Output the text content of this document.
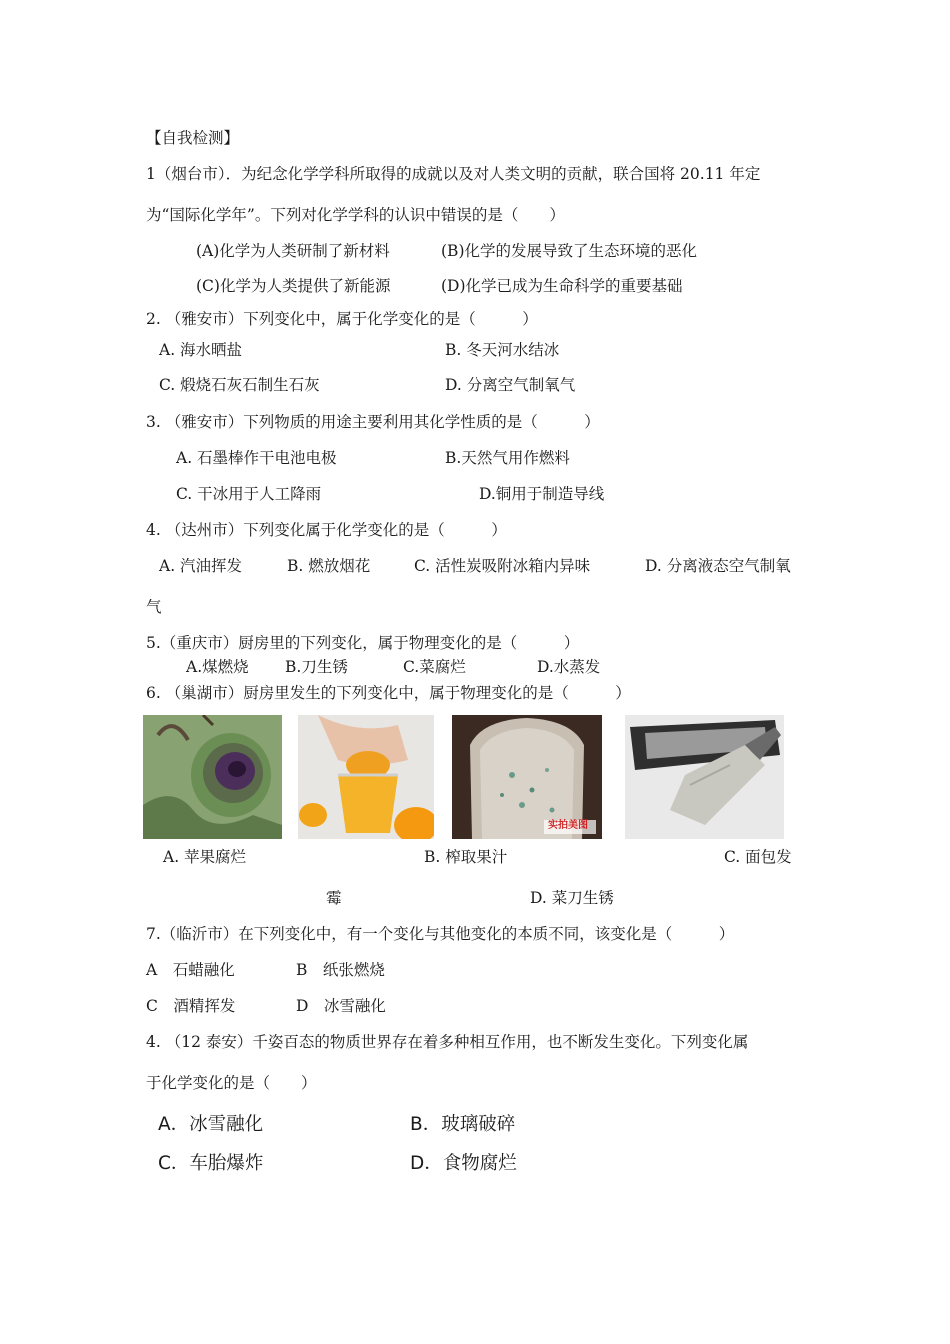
【自我检测】
1（烟台市）．为纪念化学学科所取得的成就以及对人类文明的贡献，联合国将 20.11 年定
为“国际化学年”。下列对化学学科的认识中错误的是（　　）
(A)化学为人类研制了新材料	(B)化学的发展导致了生态环境的恶化
(C)化学为人类提供了新能源	(D)化学已成为生命科学的重要基础
2. （雅安市）下列变化中，属于化学变化的是（　　　）
A. 海水晒盐	B. 冬天河水结冰
C. 煅烧石灰石制生石灰	D. 分离空气制氧气
3. （雅安市）下列物质的用途主要利用其化学性质的是（　　　）
A. 石墨棒作干电池电极	B.天然气用作燃料
C. 干冰用于人工降雨	D.铜用于制造导线
4. （达州市）下列变化属于化学变化的是（　　　）
A. 汽油挥发	B. 燃放烟花	C. 活性炭吸附冰箱内异味	D. 分离液态空气制氧
气
5.（重庆市）厨房里的下列变化，属于物理变化的是（　　　）
A.煤燃烧 B.刀生锈	C.菜腐烂	D.水蒸发
6. （巢湖市）厨房里发生的下列变化中，属于物理变化的是（　　　）
实拍美图
A. 苹果腐烂	B. 榨取果汁	C. 面包发
霉	D. 菜刀生锈
7.（临沂市）在下列变化中，有一个变化与其他变化的本质不同，该变化是（　　　）
A　石蜡融化	B　纸张燃烧
C　酒精挥发	D　冰雪融化
4. （12 泰安）千姿百态的物质世界存在着多种相互作用，也不断发生变化。下列变化属
于化学变化的是（　　）
A．冰雪融化	B．玻璃破碎
C．车胎爆炸	D．食物腐烂
